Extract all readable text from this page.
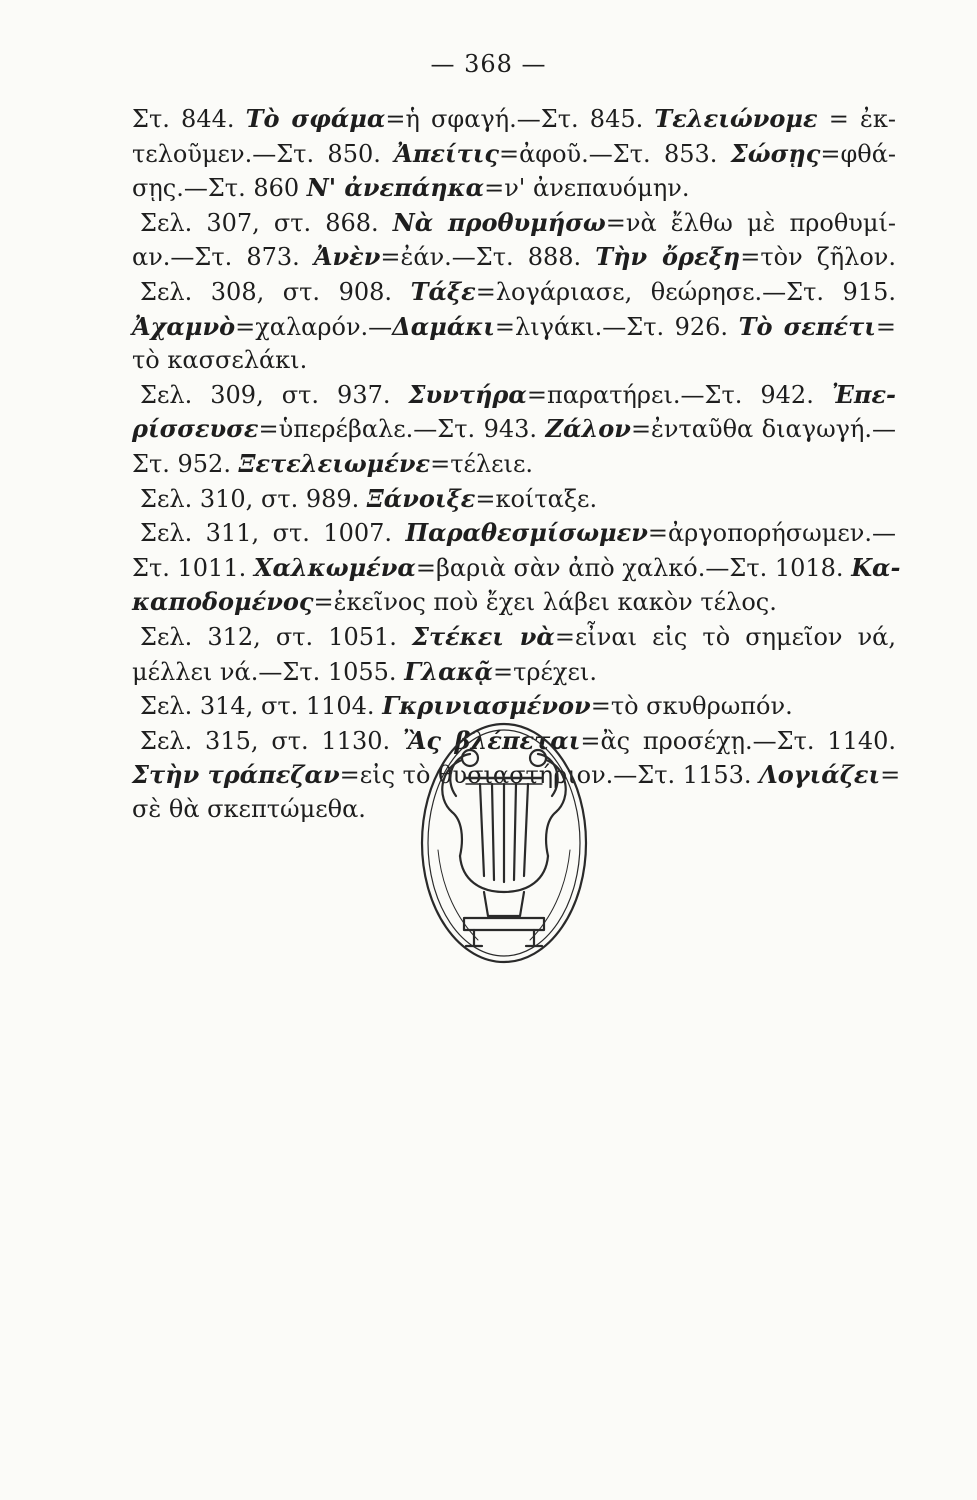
— 368 —
Στ. 844. Τὸ σφάμα=ἡ σφαγή.—Στ. 845. Τελειώνομε = ἐκ-
τελοῦμεν.—Στ. 850. Ἀπείτις=ἀφοῦ.—Στ. 853. Σώσῃς=φθά-
σῃς.—Στ. 860 Ν' ἀνεπάηκα=ν' ἀνεπαυόμην.
Σελ. 307, στ. 868. Νὰ προθυμήσω=νὰ ἔλθω μὲ προθυμί-
αν.—Στ. 873. Ἀνὲν=ἐάν.—Στ. 888. Τὴν ὄρεξη=τὸν ζῆλον.
Σελ. 308, στ. 908. Τάξε=λογάριασε, θεώρησε.—Στ. 915.
Ἀχαμνὸ=χαλαρόν.—Δαμάκι=λιγάκι.—Στ. 926. Τὸ σεπέτι=
τὸ κασσελάκι.
Σελ. 309, στ. 937. Συντήρα=παρατήρει.—Στ. 942. Ἐπε-
ρίσσευσε=ὑπερέβαλε.—Στ. 943. Ζάλον=ἐνταῦθα διαγωγή.—
Στ. 952. Ξετελειωμένε=τέλειε.
Σελ. 310, στ. 989. Ξάνοιξε=κοίταξε.
Σελ. 311, στ. 1007. Παραθεσμίσωμεν=ἀργοπορήσωμεν.—
Στ. 1011. Χαλκωμένα=βαριὰ σὰν ἀπὸ χαλκό.—Στ. 1018. Κα-
καποδομένος=ἐκεῖνος ποὺ ἔχει λάβει κακὸν τέλος.
Σελ. 312, στ. 1051. Στέκει νὰ=εἶναι εἰς τὸ σημεῖον νά,
μέλλει νά.—Στ. 1055. Γλακᾷ=τρέχει.
Σελ. 314, στ. 1104. Γκρινιασμένον=τὸ σκυθρωπόν.
Σελ. 315, στ. 1130. Ἂς βλέπεται=ἂς προσέχῃ.—Στ. 1140.
Στὴν τράπεζαν=εἰς τὸ θυσιαστήριον.—Στ. 1153. Λογιάζει=
σὲ θὰ σκεπτώμεθα.
